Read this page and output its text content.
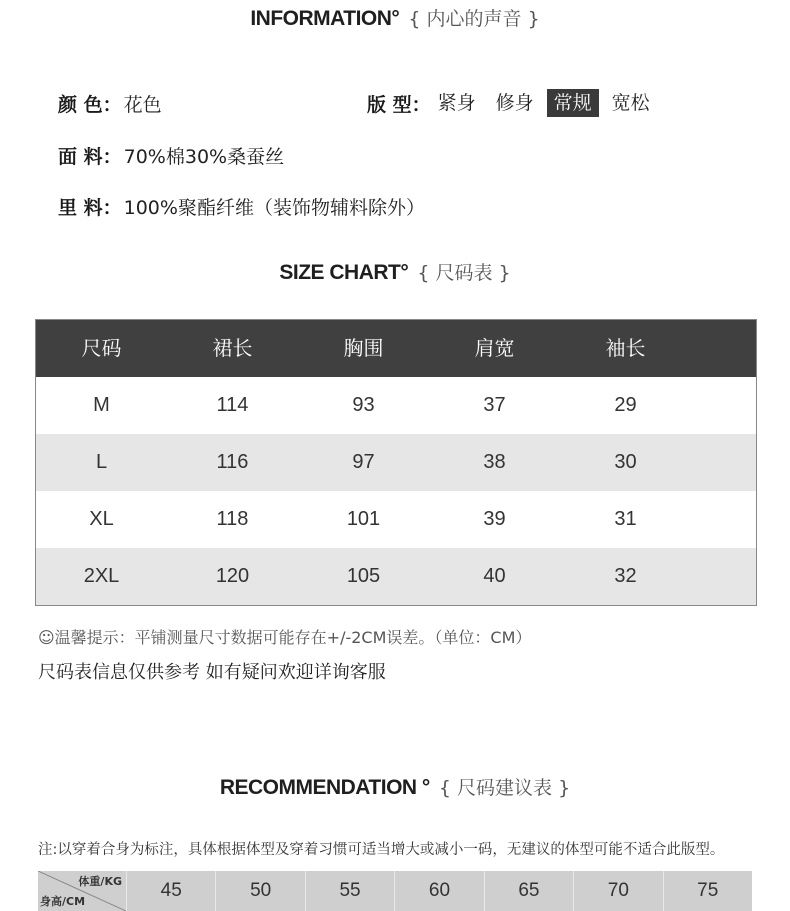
INFORMATION° { 内心的声音 }
颜 色： 花色	版 型： 紧身	修身	常规	宽松
面 料： 70%棉30%桑蚕丝
里 料： 100%聚酯纤维（装饰物辅料除外）
SIZE CHART° { 尺码表 }
尺码	裙长	胸围	肩宽	袖长
M	114	93	37	29
L	116	97	38	30
XL	118	101	39	31
2XL	120	105	40	32
☺温馨提示：平铺测量尺寸数据可能存在+/-2CM误差。（单位：CM）
尺码表信息仅供参考 如有疑问欢迎详询客服
RECOMMENDATION ° { 尺码建议表 }
注:以穿着合身为标注，具体根据体型及穿着习惯可适当增大或减小一码，无建议的体型可能不适合此版型。
体重/KG
身高/CM
45	50	55	60	65	70	75
